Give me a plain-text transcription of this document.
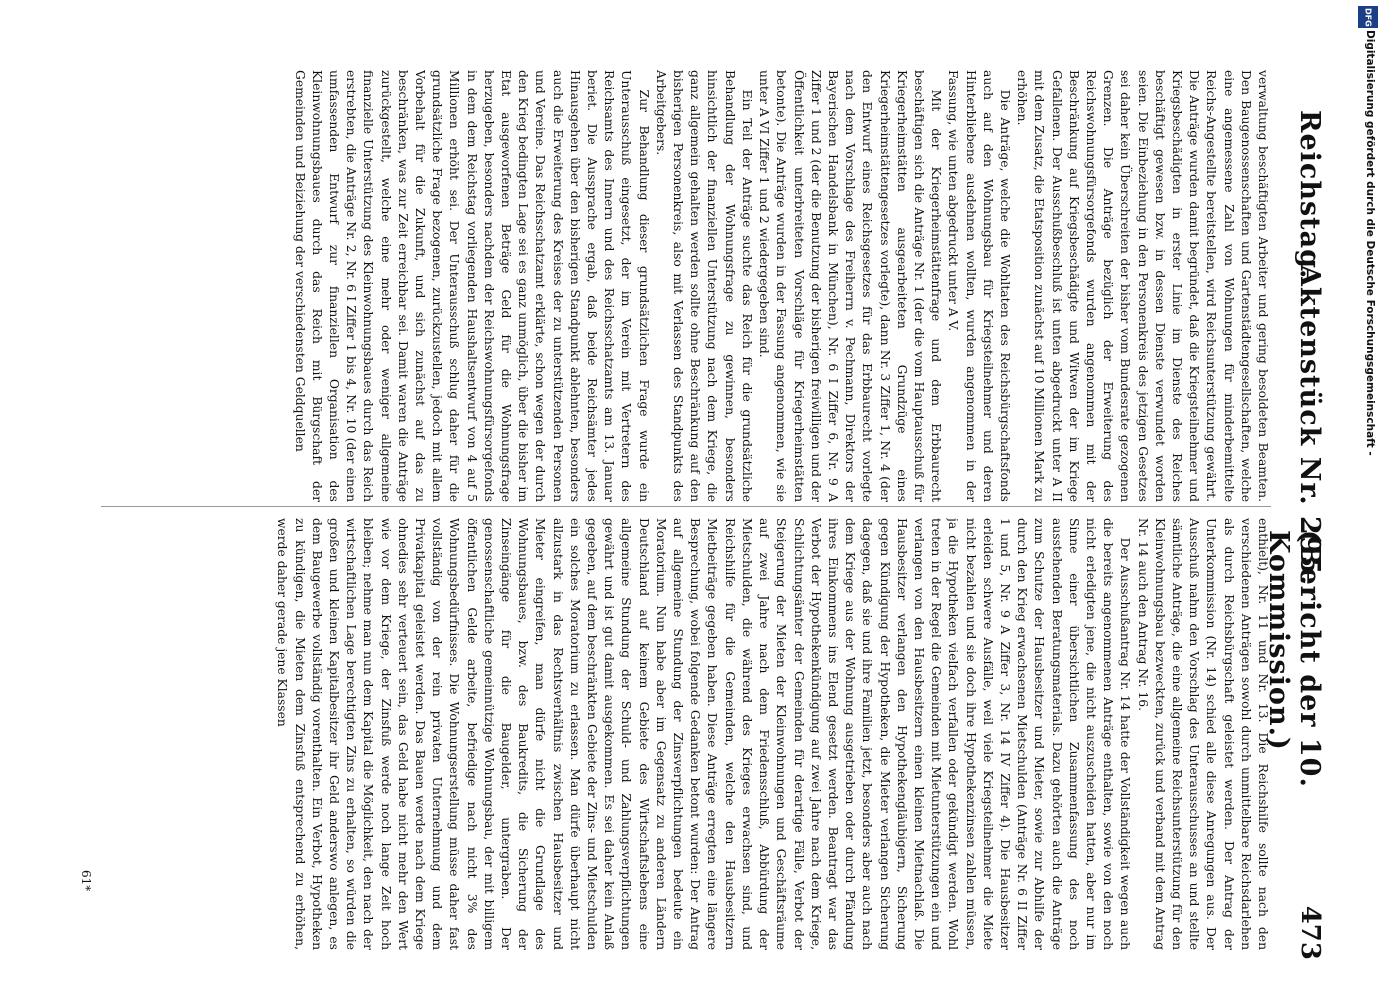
Reichstag.
Aktenstück Nr. 295.
(Bericht der 10. Kommission.)
473

verwaltung beschäftigten Arbeiter und gering besoldeten Beamten. Den Baugenossenschaften und Gartenstädtengesellschaften, welche eine angemessene Zahl von Wohnungen für minderbemittelte Reichs-Angestellte bereitstellen, wird Reichsunterstützung gewährt. Die Anträge wurden damit begründet, daß die Kriegsteilnehmer und Kriegsbeschädigten in erster Linie im Dienste des Reiches beschäftigt gewesen bzw. in dessen Dienste verwundet worden seien. Die Einbeziehung in den Personenkreis des jetzigen Gesetzes sei daher kein Überschreiten der bisher vom Bundesrate gezogenen Grenzen. Die Anträge bezüglich der Erweiterung des Reichswohnungsfürsorgefonds wurden angenommen mit der Beschränkung auf Kriegsbeschädigte und Witwen der im Kriege Gefallenen. Der Ausschußbeschluß ist unten abgedruckt unter A II mit dem Zusatz, die Etatsposition zunächst auf 10 Millionen Mark zu erhöhen.

Die Anträge, welche die Wohltaten des Reichsbürgschaftsfonds auch auf den Wohnungsbau für Kriegsteilnehmer und deren Hinterbliebene ausdehnen wollten, wurden angenommen in der Fassung, wie unten abgedruckt unter A V.

Mit der Kriegerheimstättenfrage und dem Erbbaurecht beschäftigen sich die Anträge Nr. 1 (der die vom Hauptausschuß für Kriegerheimstätten ausgearbeiteten Grundzüge eines Kriegerheimstättengesetzes vorlegte), dann Nr. 3 Ziffer 1, Nr. 4 (der den Entwurf eines Reichsgesetzes für das Erbbaurecht vorlegte nach dem Vorschlage des Freiherrn v. Pechmann, Direktors der Bayerischen Handelsbank in München), Nr. 6 I Ziffer 6, Nr. 9 A Ziffer 1 und 2 (der die Benutzung der bisherigen freiwilligen und der Öffentlichkeit unterbreiteten Vorschläge für Kriegerheimstätten betonte). Die Anträge wurden in der Fassung angenommen, wie sie unter A VI Ziffer 1 und 2 wiedergegeben sind.

Ein Teil der Anträge suchte das Reich für die grundsätzliche Behandlung der Wohnungsfrage zu gewinnen, besonders hinsichtlich der finanziellen Unterstützung nach dem Kriege, die ganz allgemein gehalten werden sollte ohne Beschränkung auf den bisherigen Personenkreis, also mit Verlassen des Standpunkts des Arbeitgebers.

Zur Behandlung dieser grundsätzlichen Frage wurde ein Unterausschuß eingesetzt, der im Verein mit Vertretern des Reichsamts des Innern und des Reichsschatzamts am 13. Januar beriet. Die Aussprache ergab, daß beide Reichsämter jedes Hinausgehen über den bisherigen Standpunkt ablehnten, besonders auch die Erweiterung des Kreises der zu unterstützenden Personen und Vereine. Das Reichsschatzamt erklärte, schon wegen der durch den Krieg bedingten Lage sei es ganz unmöglich, über die bisher im Etat ausgeworfenen Beträge Geld für die Wohnungsfrage herzugeben, besonders nachdem der Reichswohnungsfürsorgefonds in dem dem Reichstag vorliegenden Haushaltsentwurf von 4 auf 5 Millionen erhöht sei. Der Unterausschuß schlug daher für die grundsätzliche Frage bezogenen, zurückzustellen, jedoch mit allem Vorbehalt für die Zukunft, und sich zunächst auf das zu beschränken, was zur Zeit erreichbar sei. Damit waren die Anträge zurückgestellt, welche eine mehr oder weniger allgemeine finanzielle Unterstützung des Kleinwohnungsbaues durch das Reich erstrebten, die Anträge Nr. 2, Nr. 6 I Ziffer 1 bis 4, Nr. 10 (der einen umfassenden Entwurf zur finanziellen Organisation des Kleinwohnungsbaues durch das Reich mit Bürgschaft der Gemeinden und Beiziehung der verschiedensten Geldquellen

enthielt), Nr. 11 und Nr. 13. Die Reichshilfe sollte nach den verschiedenen Anträgen sowohl durch unmittelbare Reichsdarlehen als durch Reichsbürgschaft geleistet werden. Der Antrag der Unterkommission (Nr. 14) schied alle diese Anregungen aus. Der Ausschuß nahm den Vorschlag des Unterausschusses an und stellte sämtliche Anträge, die eine allgemeine Reichsunterstützung für den Kleinwohnungsbau bezweckten, zurück und verband mit dem Antrag Nr. 14 auch den Antrag Nr. 16.

Der Ausschußantrag Nr. 14 hatte der Vollständigkeit wegen auch die bereits angenommenen Anträge enthalten, sowie von den noch nicht erledigten jene, die nicht auszuscheiden hatten, aber nur im Sinne einer übersichtlichen Zusammenfassung des noch ausstehenden Beratungsmaterials. Dazu gehörten auch die Anträge zum Schutze der Hausbesitzer und Mieter, sowie zur Abhilfe der durch den Krieg erwachsenen Mietschulden (Anträge Nr. 6 II Ziffer 1 und 5, Nr. 9 A Ziffer 3, Nr. 14 IV Ziffer 4). Die Hausbesitzer erleiden schwere Ausfälle, weil viele Kriegsteilnehmer die Miete nicht bezahlen und sie doch ihre Hypothekenzinsen zahlen müssen, ja die Hypotheken vielfach verfallen oder gekündigt werden. Wohl treten in der Regel die Gemeinden mit Mietunterstützungen ein und verlangen von den Hausbesitzern einen kleinen Mietnachlaß. Die Hausbesitzer verlangen den Hypothekengläubigern, Sicherung gegen Kündigung der Hypotheken, die Mieter verlangen Sicherung dagegen, daß sie und ihre Familien jetzt, besonders aber auch nach dem Kriege aus der Wohnung ausgetrieben oder durch Pfändung ihres Einkommens ins Elend gesetzt werden. Beantragt war das Verbot der Hypothekenkündigung auf zwei Jahre nach dem Kriege, Schlichtungsämter der Gemeinden für derartige Fälle, Verbot der Steigerung der Mieten der Kleinwohnungen und Geschäftsräume auf zwei Jahre nach dem Friedensschluß, Abbürdung der Mietschulden, die während des Krieges erwachsen sind, und Reichshilfe für die Gemeinden, welche den Hausbesitzern Mietbeiträge gegeben haben. Diese Anträge erregten eine längere Besprechung, wobei folgende Gedanken betont wurden: Der Antrag auf allgemeine Stundung der Zinsverpflichtungen bedeute ein Moratorium. Nun habe aber im Gegensatz zu anderen Ländern Deutschland auf keinem Gebiete des Wirtschaftslebens eine allgemeine Stundung der Schuld- und Zahlungsverpflichtungen gewährt und ist gut damit ausgekommen. Es sei daher kein Anlaß gegeben, auf dem beschränkten Gebiete der Zins- und Mietschulden ein solches Moratorium zu erlassen. Man dürfe überhaupt nicht allzustark in das Rechtsverhältnis zwischen Hausbesitzer und Mieter eingreifen, man dürfe nicht die Grundlage des Wohnungsbaues, bzw. des Baukredits, die Sicherung der Zinseingänge für die Baugelder, untergraben. Der genossenschaftliche gemeinnützige Wohnungsbau, der mit billigem öffentlichen Gelde arbeite, befriedige nach nicht 3% des Wohnungsbedürfnisses. Die Wohnungserstellung müsse daher fast vollständig von der rein privaten Unternehmung und dem Privatkapital geleistet werden. Das Bauen werde nach dem Kriege ohnedies sehr verteuert sein, das Geld habe nicht mehr den Wert wie vor dem Kriege, der Zinsfuß werde noch lange Zeit hoch bleiben; nehme man nun dem Kapital die Möglichkeit, den nach der wirtschaftlichen Lage berechtigten Zins zu erhalten, so würden die großen und kleinen Kapitalbesitzer ihr Geld anderswo anlegen, es dem Baugewerbe vollständig vorenthalten. Ein Verbot, Hypotheken zu kündigen, die Mieten dem Zinsfuß entsprechend zu erhöhen, werde daher gerade jene Klassen

61*
DFG
Digitalisierung gefördert durch die Deutsche Forschungsgemeinschaft -
